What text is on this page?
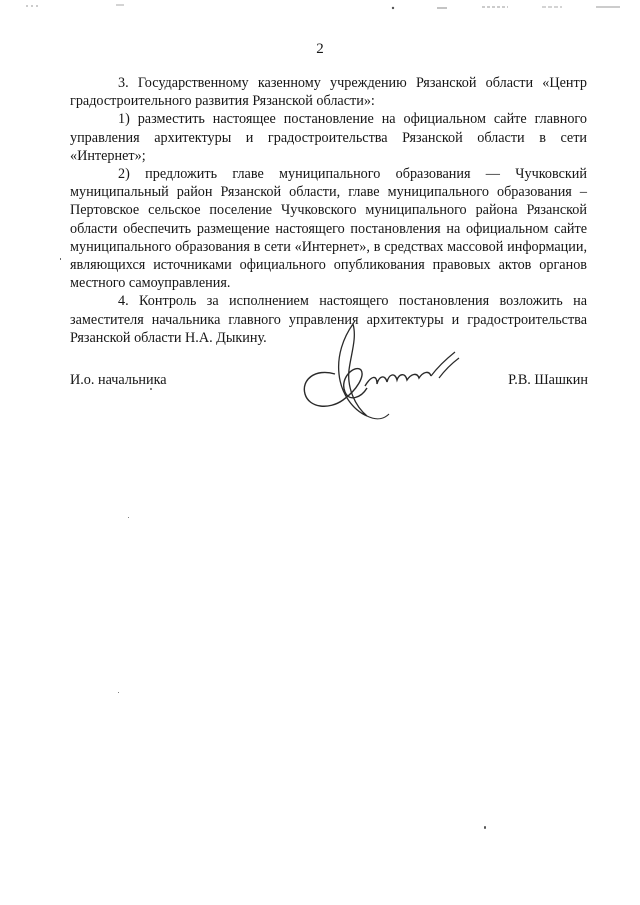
2

3. Государственному казенному учреждению Рязанской области «Центр градостроительного развития Рязанской области»:

1) разместить настоящее постановление на официальном сайте главного управления архитектуры и градостроительства Рязанской области в сети «Интернет»;

2) предложить главе муниципального образования — Чучковский муниципальный район Рязанской области, главе муниципального образования – Пертовское сельское поселение Чучковского муниципального района Рязанской области обеспечить размещение настоящего постановления на официальном сайте муниципального образования в сети «Интернет», в средствах массовой информации, являющихся источниками официального опубликования правовых актов органов местного самоуправления.

4. Контроль за исполнением настоящего постановления возложить на заместителя начальника главного управления архитектуры и градостроительства Рязанской области Н.А. Дыкину.

И.о. начальника	Р.В. Шашкин
